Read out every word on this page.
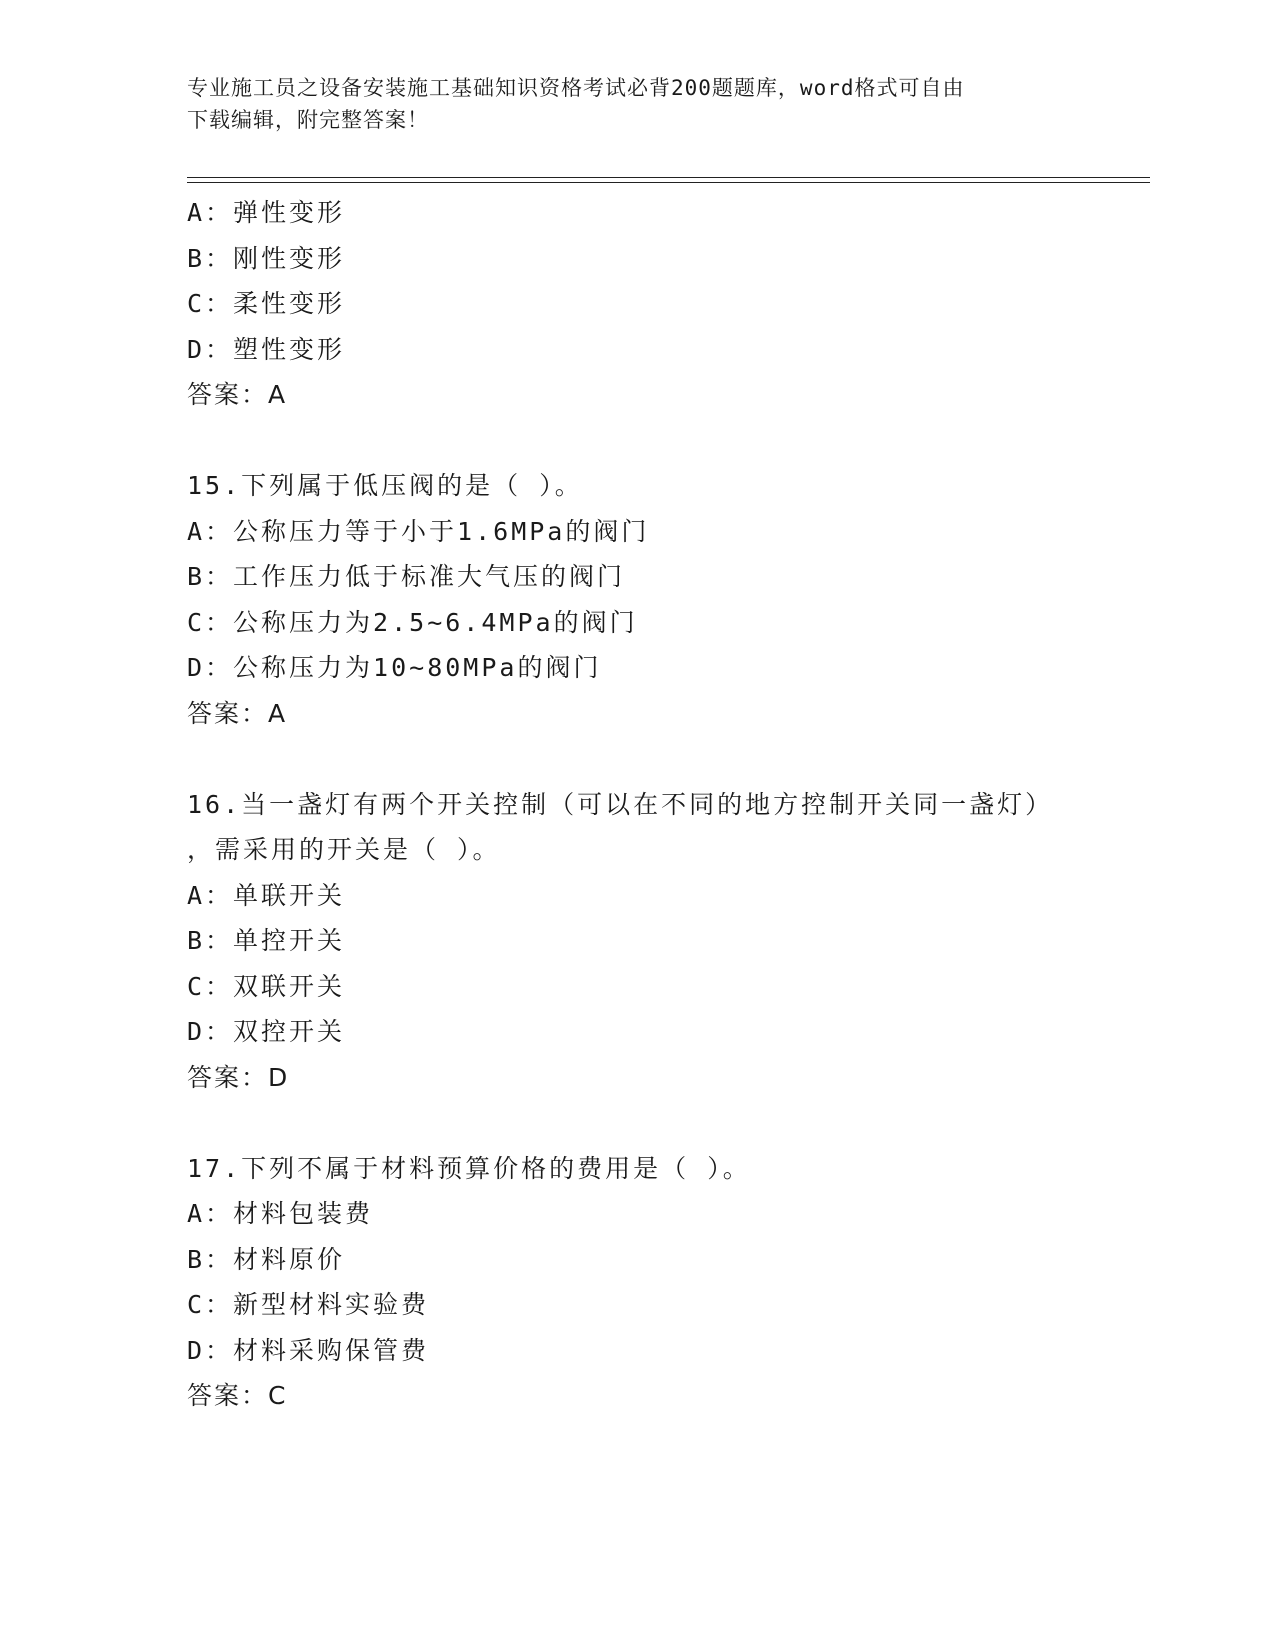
专业施工员之设备安装施工基础知识资格考试必背200题题库，word格式可自由
下载编辑，附完整答案！
A：弹性变形
B：刚性变形
C：柔性变形
D：塑性变形
答案：A
15.下列属于低压阀的是（ ）。
A：公称压力等于小于1.6MPa的阀门
B：工作压力低于标准大气压的阀门
C：公称压力为2.5~6.4MPa的阀门
D：公称压力为10~80MPa的阀门
答案：A
16.当一盏灯有两个开关控制（可以在不同的地方控制开关同一盏灯）
，需采用的开关是（ ）。
A：单联开关
B：单控开关
C：双联开关
D：双控开关
答案：D
17.下列不属于材料预算价格的费用是（ ）。
A：材料包装费
B：材料原价
C：新型材料实验费
D：材料采购保管费
答案：C
